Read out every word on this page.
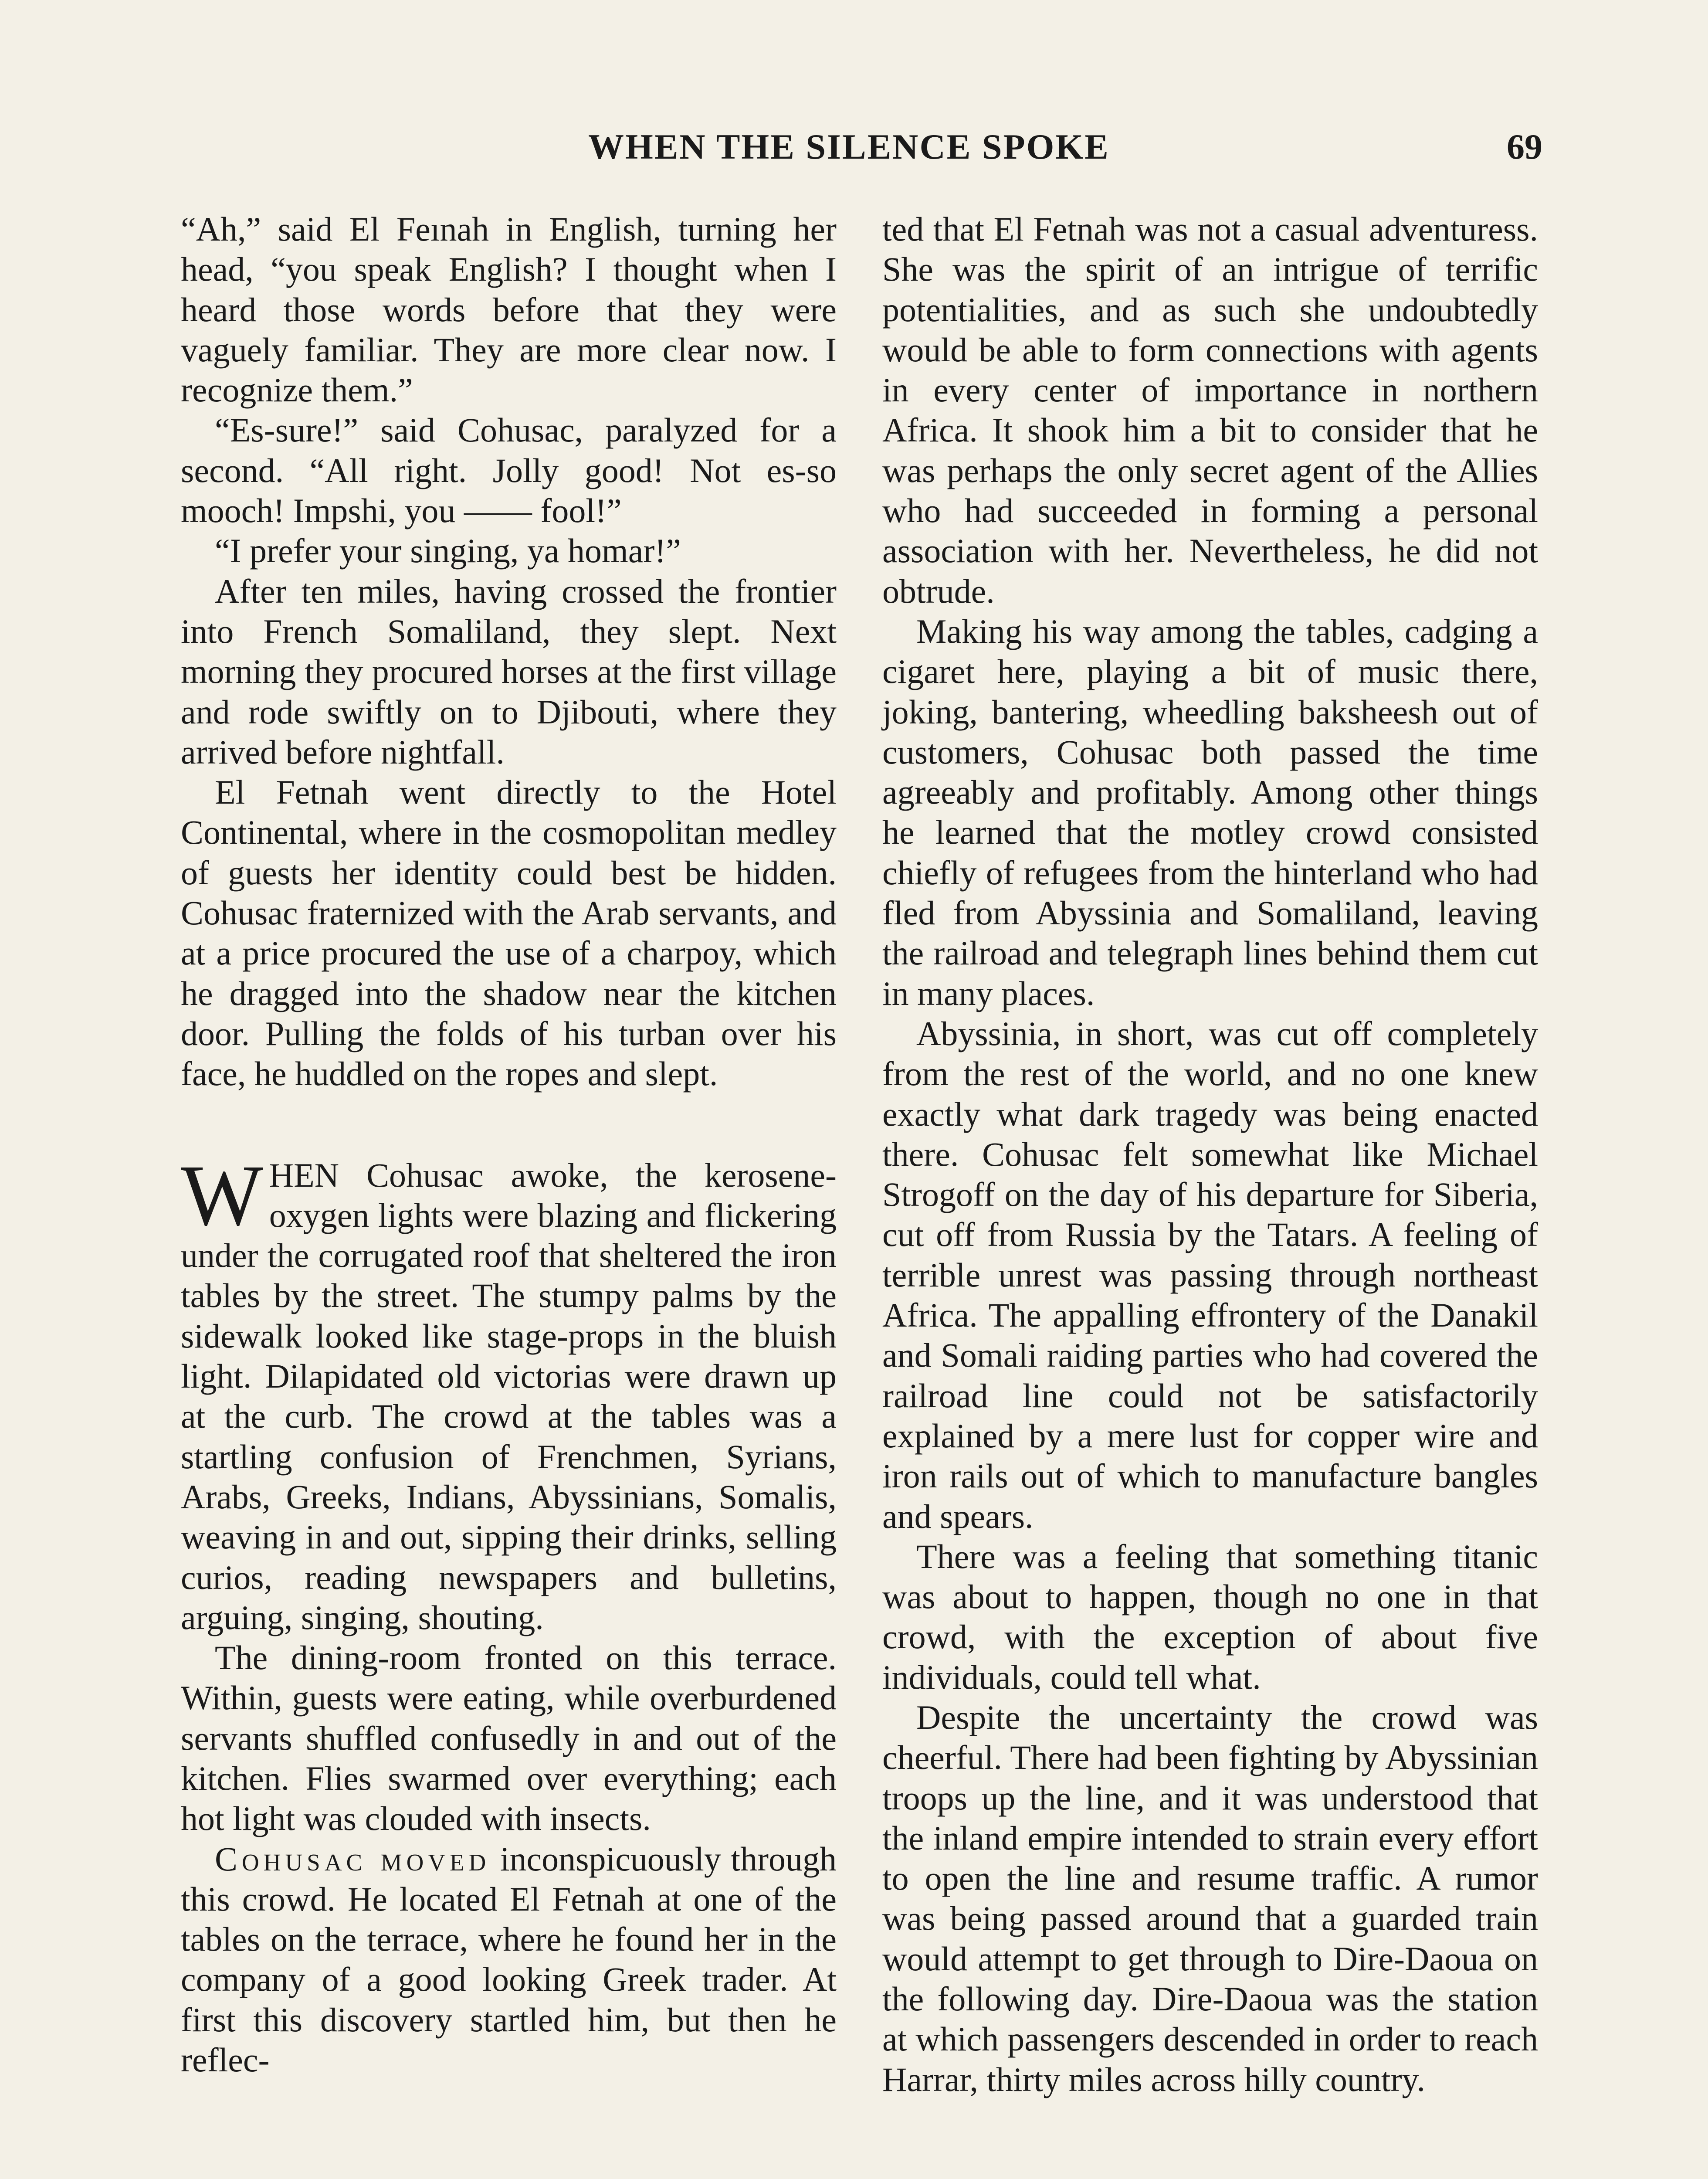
WHEN THE SILENCE SPOKE	69

“Ah,” said El Feınah in English, turning her head, “you speak English? I thought when I heard those words before that they were vaguely familiar. They are more clear now. I recognize them.”

“Es-sure!” said Cohusac, paralyzed for a second. “All right. Jolly good! Not es-so mooch! Impshi, you —— fool!”

“I prefer your singing, ya homar!”

After ten miles, having crossed the frontier into French Somaliland, they slept. Next morning they procured horses at the first village and rode swiftly on to Djibouti, where they arrived before nightfall.

El Fetnah went directly to the Hotel Continental, where in the cosmopolitan medley of guests her identity could best be hidden. Cohusac fraternized with the Arab servants, and at a price procured the use of a charpoy, which he dragged into the shadow near the kitchen door. Pulling the folds of his turban over his face, he huddled on the ropes and slept.

WHEN Cohusac awoke, the kerosene-oxygen lights were blazing and flickering under the corrugated roof that sheltered the iron tables by the street. The stumpy palms by the sidewalk looked like stage-props in the bluish light. Dilapidated old victorias were drawn up at the curb. The crowd at the tables was a startling confusion of Frenchmen, Syrians, Arabs, Greeks, Indians, Abyssinians, Somalis, weaving in and out, sipping their drinks, selling curios, reading newspapers and bulletins, arguing, singing, shouting.

The dining-room fronted on this terrace. Within, guests were eating, while overburdened servants shuffled confusedly in and out of the kitchen. Flies swarmed over everything; each hot light was clouded with insects.

Cohusac moved inconspicuously through this crowd. He located El Fetnah at one of the tables on the terrace, where he found her in the company of a good looking Greek trader. At first this discovery startled him, but then he reflec-

ted that El Fetnah was not a casual adventuress. She was the spirit of an intrigue of terrific potentialities, and as such she undoubtedly would be able to form connections with agents in every center of importance in northern Africa. It shook him a bit to consider that he was perhaps the only secret agent of the Allies who had succeeded in forming a personal association with her. Nevertheless, he did not obtrude.

Making his way among the tables, cadging a cigaret here, playing a bit of music there, joking, bantering, wheedling baksheesh out of customers, Cohusac both passed the time agreeably and profitably. Among other things he learned that the motley crowd consisted chiefly of refugees from the hinterland who had fled from Abyssinia and Somaliland, leaving the railroad and telegraph lines behind them cut in many places.

Abyssinia, in short, was cut off completely from the rest of the world, and no one knew exactly what dark tragedy was being enacted there. Cohusac felt somewhat like Michael Strogoff on the day of his departure for Siberia, cut off from Russia by the Tatars. A feeling of terrible unrest was passing through northeast Africa. The appalling effrontery of the Danakil and Somali raiding parties who had covered the railroad line could not be satisfactorily explained by a mere lust for copper wire and iron rails out of which to manufacture bangles and spears.

There was a feeling that something titanic was about to happen, though no one in that crowd, with the exception of about five individuals, could tell what.

Despite the uncertainty the crowd was cheerful. There had been fighting by Abyssinian troops up the line, and it was understood that the inland empire intended to strain every effort to open the line and resume traffic. A rumor was being passed around that a guarded train would attempt to get through to Dire-Daoua on the following day. Dire-Daoua was the station at which passengers descended in order to reach Harrar, thirty miles across hilly country.
